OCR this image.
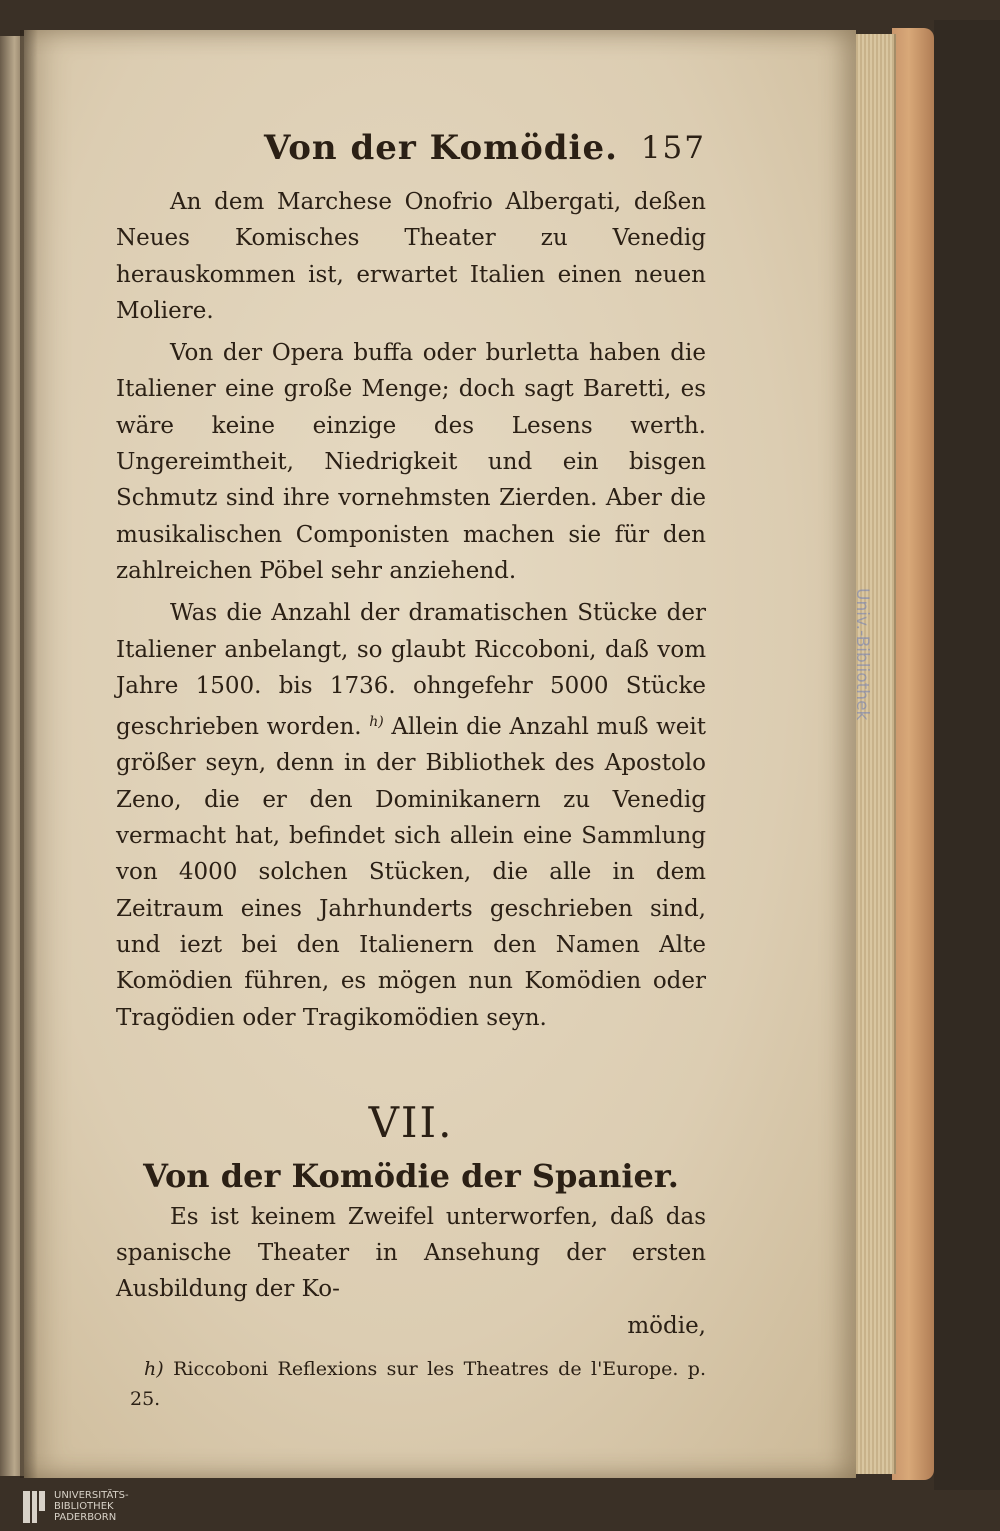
Univ.-Bibliothek
Von der Komödie. 157

An dem Marchese Onofrio Albergati, deßen Neues Komisches Theater zu Venedig herauskommen ist, erwartet Italien einen neuen Moliere.

Von der Opera buffa oder burletta haben die Italiener eine große Menge; doch sagt Baretti, es wäre keine einzige des Lesens werth. Ungereimtheit, Niedrigkeit und ein bisgen Schmutz sind ihre vornehmsten Zierden. Aber die musikalischen Componisten machen sie für den zahlreichen Pöbel sehr anziehend.

Was die Anzahl der dramatischen Stücke der Italiener anbelangt, so glaubt Riccoboni, daß vom Jahre 1500. bis 1736. ohngefehr 5000 Stücke geschrieben worden. $^{h)}$ Allein die Anzahl muß weit größer seyn, denn in der Bibliothek des Apostolo Zeno, die er den Dominikanern zu Venedig vermacht hat, befindet sich allein eine Sammlung von 4000 solchen Stücken, die alle in dem Zeitraum eines Jahrhunderts geschrieben sind, und iezt bei den Italienern den Namen Alte Komödien führen, es mögen nun Komödien oder Tragödien oder Tragikomödien seyn.

VII.
Von der Komödie der Spanier.

Es ist keinem Zweifel unterworfen, daß das spanische Theater in Ansehung der ersten Ausbildung der Ko-

mödie,

h) Riccoboni Reflexions sur les Theatres de l'Europe. p. 25.

UNIVERSITÄTS-
BIBLIOTHEK
PADERBORN
